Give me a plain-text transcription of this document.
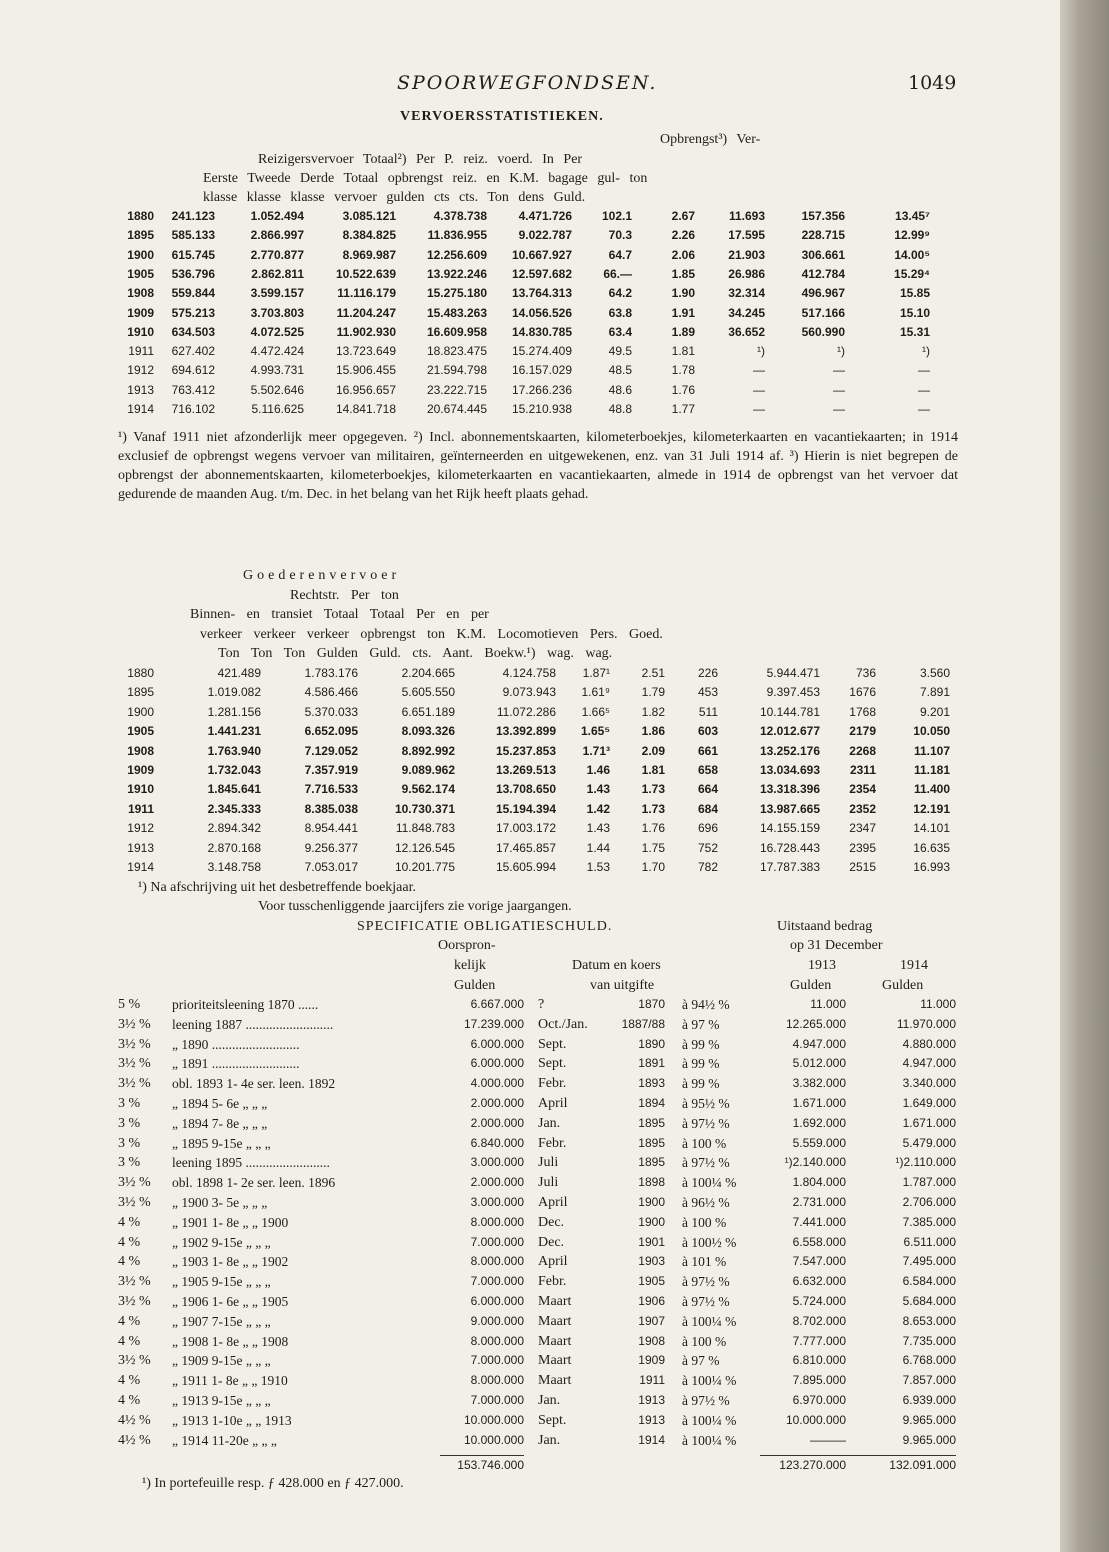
SPOORWEGFONDSEN.	1049
VERVOERSSTATISTIEKEN.
Opbrengst³) Ver-
Reizigersvervoer Totaal²) Per P. reiz. voerd. In Per
Eerste Tweede Derde Totaal opbrengst reiz. en K.M. bagage gul- ton
klasse klasse klasse vervoer gulden cts cts. Ton dens Guld.
1880	241.123	1.052.494	3.085.121	4.378.738	4.471.726	102.1	2.67	11.693	157.356	13.45⁷
1895	585.133	2.866.997	8.384.825	11.836.955	9.022.787	70.3	2.26	17.595	228.715	12.99⁹
1900	615.745	2.770.877	8.969.987	12.256.609	10.667.927	64.7	2.06	21.903	306.661	14.00⁵
1905	536.796	2.862.811	10.522.639	13.922.246	12.597.682	66.—	1.85	26.986	412.784	15.29⁴
1908	559.844	3.599.157	11.116.179	15.275.180	13.764.313	64.2	1.90	32.314	496.967	15.85
1909	575.213	3.703.803	11.204.247	15.483.263	14.056.526	63.8	1.91	34.245	517.166	15.10
1910	634.503	4.072.525	11.902.930	16.609.958	14.830.785	63.4	1.89	36.652	560.990	15.31
1911	627.402	4.472.424	13.723.649	18.823.475	15.274.409	49.5	1.81	¹)	¹)	¹)
1912	694.612	4.993.731	15.906.455	21.594.798	16.157.029	48.5	1.78	—	—	—
1913	763.412	5.502.646	16.956.657	23.222.715	17.266.236	48.6	1.76	—	—	—
1914	716.102	5.116.625	14.841.718	20.674.445	15.210.938	48.8	1.77	—	—	—
¹) Vanaf 1911 niet afzonderlijk meer opgegeven. ²) Incl. abonnementskaarten, kilometerboekjes, kilometerkaarten en vacantiekaarten; in 1914 exclusief de opbrengst wegens vervoer van militairen, geïnterneerden en uitgewekenen, enz. van 31 Juli 1914 af. ³) Hierin is niet begrepen de opbrengst der abonnementskaarten, kilometerboekjes, kilometerkaarten en vacantiekaarten, almede in 1914 de opbrengst van het vervoer dat gedurende de maanden Aug. t/m. Dec. in het belang van het Rijk heeft plaats gehad.
Goederenvervoer
Rechtstr. Per ton
Binnen- en transiet Totaal Totaal Per en per
verkeer verkeer verkeer opbrengst ton K.M. Locomotieven Pers. Goed.
Ton Ton Ton Gulden Guld. cts. Aant. Boekw.¹) wag. wag.
1880	421.489	1.783.176	2.204.665	4.124.758	1.87¹	2.51	226	5.944.471	736	3.560
1895	1.019.082	4.586.466	5.605.550	9.073.943	1.61⁹	1.79	453	9.397.453	1676	7.891
1900	1.281.156	5.370.033	6.651.189	11.072.286	1.66⁵	1.82	511	10.144.781	1768	9.201
1905	1.441.231	6.652.095	8.093.326	13.392.899	1.65⁵	1.86	603	12.012.677	2179	10.050
1908	1.763.940	7.129.052	8.892.992	15.237.853	1.71³	2.09	661	13.252.176	2268	11.107
1909	1.732.043	7.357.919	9.089.962	13.269.513	1.46	1.81	658	13.034.693	2311	11.181
1910	1.845.641	7.716.533	9.562.174	13.708.650	1.43	1.73	664	13.318.396	2354	11.400
1911	2.345.333	8.385.038	10.730.371	15.194.394	1.42	1.73	684	13.987.665	2352	12.191
1912	2.894.342	8.954.441	11.848.783	17.003.172	1.43	1.76	696	14.155.159	2347	14.101
1913	2.870.168	9.256.377	12.126.545	17.465.857	1.44	1.75	752	16.728.443	2395	16.635
1914	3.148.758	7.053.017	10.201.775	15.605.994	1.53	1.70	782	17.787.383	2515	16.993
¹) Na afschrijving uit het desbetreffende boekjaar.
Voor tusschenliggende jaarcijfers zie vorige jaargangen.
SPECIFICATIE OBLIGATIESCHULD.	Uitstaand bedrag
op 31 December
Oorspron-
kelijk
Gulden
Datum en koers
van uitgifte
1913	1914
Gulden	Gulden
5 %	prioriteitsleening 1870 ......	6.667.000 ?	1870 à 94½ %	11.000	11.000
3½ %	leening 1887 ..........................	17.239.000 Oct./Jan.	1887/88 à 97 %	12.265.000	11.970.000
3½ %	„ 1890 ..........................	6.000.000 Sept.	1890 à 99 %	4.947.000	4.880.000
3½ %	„ 1891 ..........................	6.000.000 Sept.	1891 à 99 %	5.012.000	4.947.000
3½ %	obl. 1893 1- 4e ser. leen. 1892	4.000.000 Febr.	1893 à 99 %	3.382.000	3.340.000
3 %	„ 1894 5- 6e „ „ „	2.000.000 April	1894 à 95½ %	1.671.000	1.649.000
3 %	„ 1894 7- 8e „ „ „	2.000.000 Jan.	1895 à 97½ %	1.692.000	1.671.000
3 %	„ 1895 9-15e „ „ „	6.840.000 Febr.	1895 à 100 %	5.559.000	5.479.000
3 %	leening 1895 .........................	3.000.000 Juli	1895 à 97½ %	¹)2.140.000	¹)2.110.000
3½ %	obl. 1898 1- 2e ser. leen. 1896	2.000.000 Juli	1898 à 100¼ %	1.804.000	1.787.000
3½ %	„ 1900 3- 5e „ „ „	3.000.000 April	1900 à 96½ %	2.731.000	2.706.000
4 %	„ 1901 1- 8e „ „ 1900	8.000.000 Dec.	1900 à 100 %	7.441.000	7.385.000
4 %	„ 1902 9-15e „ „ „	7.000.000 Dec.	1901 à 100½ %	6.558.000	6.511.000
4 %	„ 1903 1- 8e „ „ 1902	8.000.000 April	1903 à 101 %	7.547.000	7.495.000
3½ %	„ 1905 9-15e „ „ „	7.000.000 Febr.	1905 à 97½ %	6.632.000	6.584.000
3½ %	„ 1906 1- 6e „ „ 1905	6.000.000 Maart	1906 à 97½ %	5.724.000	5.684.000
4 %	„ 1907 7-15e „ „ „	9.000.000 Maart	1907 à 100¼ %	8.702.000	8.653.000
4 %	„ 1908 1- 8e „ „ 1908	8.000.000 Maart	1908 à 100 %	7.777.000	7.735.000
3½ %	„ 1909 9-15e „ „ „	7.000.000 Maart	1909 à 97 %	6.810.000	6.768.000
4 %	„ 1911 1- 8e „ „ 1910	8.000.000 Maart	1911 à 100¼ %	7.895.000	7.857.000
4 %	„ 1913 9-15e „ „ „	7.000.000 Jan.	1913 à 97½ %	6.970.000	6.939.000
4½ %	„ 1913 1-10e „ „ 1913	10.000.000 Sept.	1913 à 100¼ %	10.000.000	9.965.000
4½ %	„ 1914 11-20e „ „ „	10.000.000 Jan.	1914 à 100¼ %	———	9.965.000
153.746.000	123.270.000	132.091.000
¹) In portefeuille resp. ƒ 428.000 en ƒ 427.000.
